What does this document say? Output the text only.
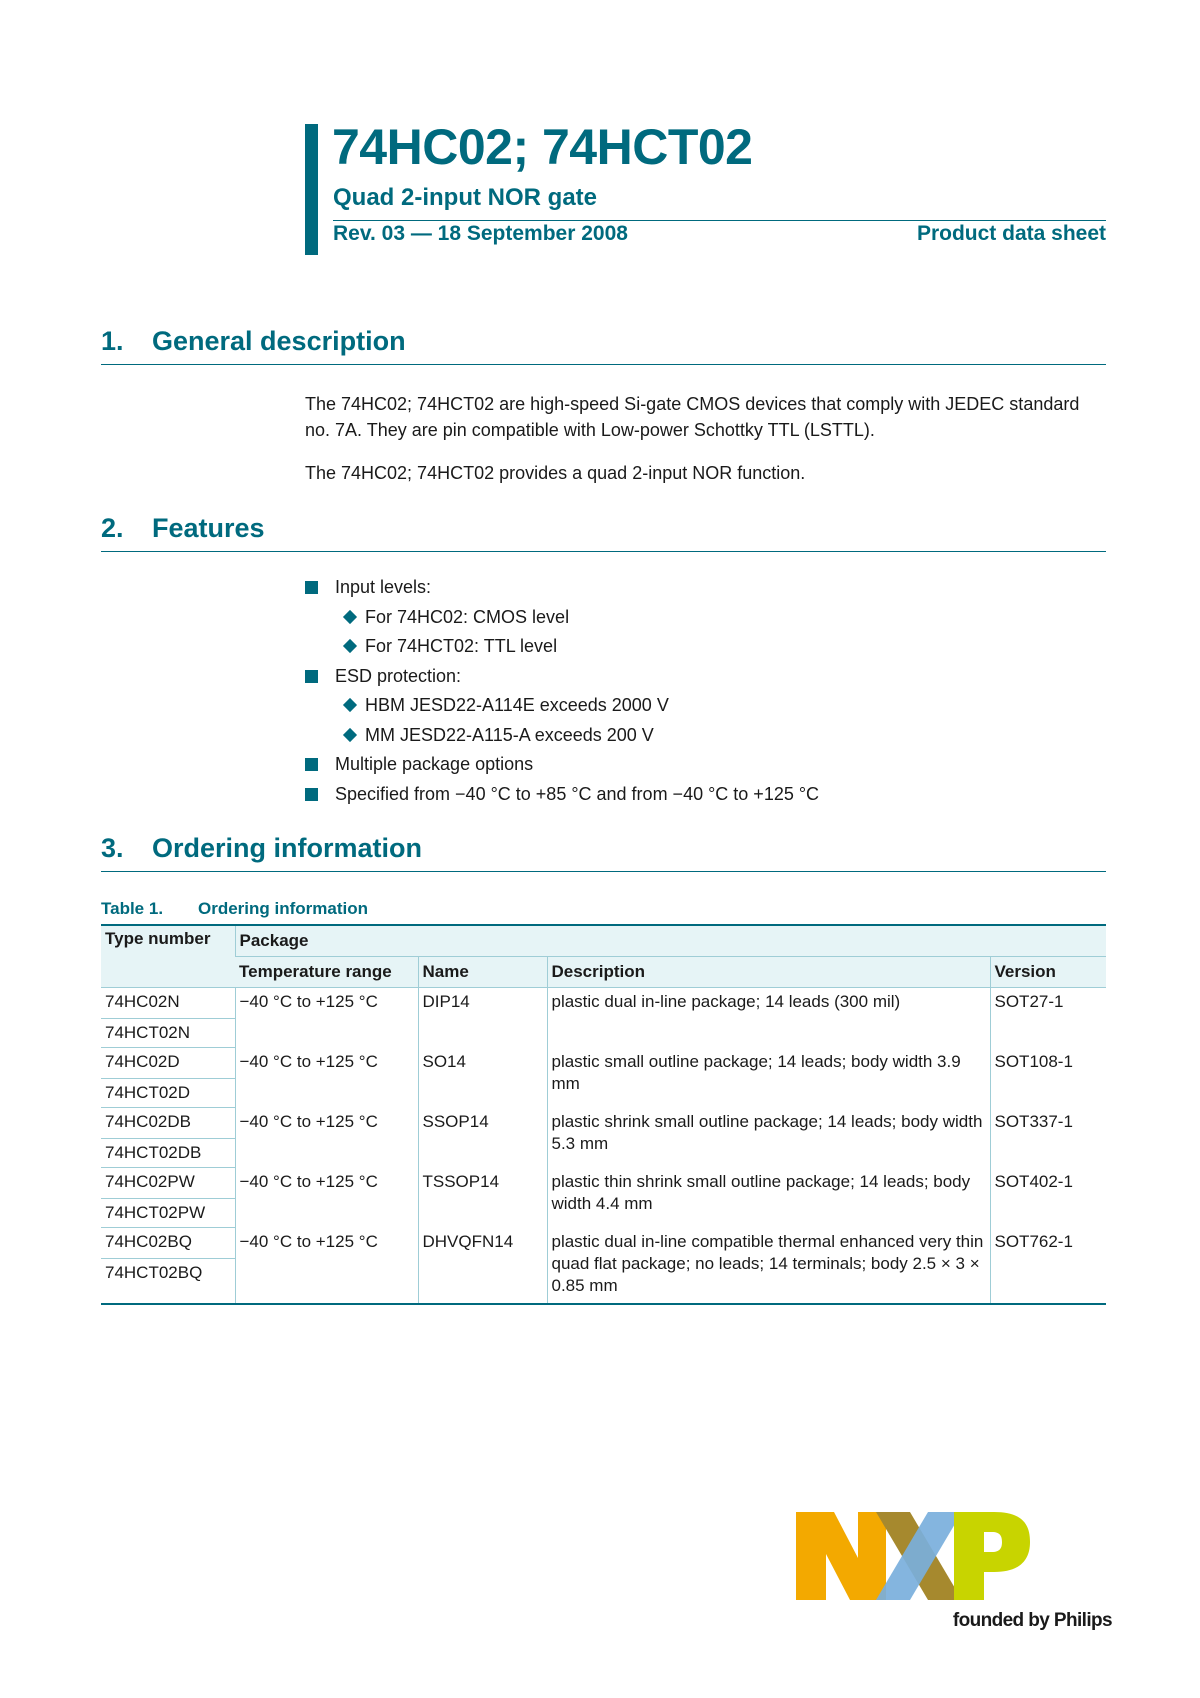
74HC02; 74HCT02
Quad 2-input NOR gate
Rev. 03 — 18 September 2008	Product data sheet
1. General description

The 74HC02; 74HCT02 are high-speed Si-gate CMOS devices that comply with JEDEC standard no. 7A. They are pin compatible with Low-power Schottky TTL (LSTTL).

The 74HC02; 74HCT02 provides a quad 2-input NOR function.

2. Features
Input levels:
For 74HC02: CMOS level
For 74HCT02: TTL level
ESD protection:
HBM JESD22-A114E exceeds 2000 V
MM JESD22-A115-A exceeds 200 V
Multiple package options
Specified from −40 °C to +85 °C and from −40 °C to +125 °C
3. Ordering information
Table 1. Ordering information
Type number	Package			
	Temperature range	Name	Description	Version
74HC02N	−40 °C to +125 °C	DIP14	plastic dual in-line package; 14 leads (300 mil)	SOT27-1
74HCT02N				
74HC02D	−40 °C to +125 °C	SO14	plastic small outline package; 14 leads; body width 3.9 mm	SOT108-1
74HCT02D				
74HC02DB	−40 °C to +125 °C	SSOP14	plastic shrink small outline package; 14 leads; body width 5.3 mm	SOT337-1
74HCT02DB				
74HC02PW	−40 °C to +125 °C	TSSOP14	plastic thin shrink small outline package; 14 leads; body width 4.4 mm	SOT402-1
74HCT02PW				
74HC02BQ	−40 °C to +125 °C	DHVQFN14	plastic dual in-line compatible thermal enhanced very thin quad flat package; no leads; 14 terminals; body 2.5 × 3 × 0.85 mm	SOT762-1
74HCT02BQ				
founded by Philips
